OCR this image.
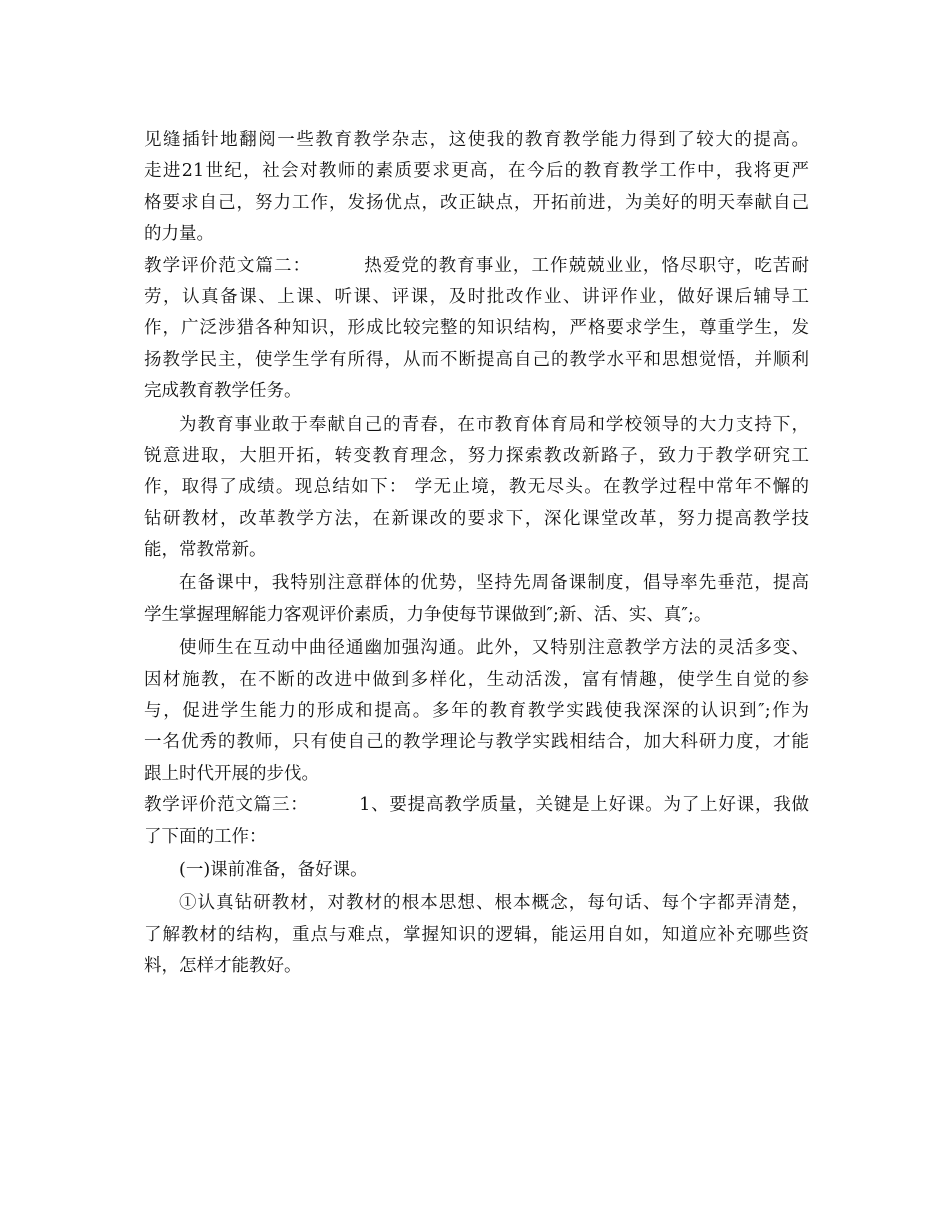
见缝插针地翻阅一些教育教学杂志，这使我的教育教学能力得到了较大的提高。
走进21世纪，社会对教师的素质要求更高，在今后的教育教学工作中，我将更严
格要求自己，努力工作，发扬优点，改正缺点，开拓前进，为美好的明天奉献自己
的力量。
教学评价范文篇二：        热爱党的教育事业，工作兢兢业业，恪尽职守，吃苦耐
劳，认真备课、上课、听课、评课，及时批改作业、讲评作业，做好课后辅导工
作，广泛涉猎各种知识，形成比较完整的知识结构，严格要求学生，尊重学生，发
扬教学民主，使学生学有所得，从而不断提高自己的教学水平和思想觉悟，并顺利
完成教育教学任务。
为教育事业敢于奉献自己的青春，在市教育体育局和学校领导的大力支持下，
锐意进取，大胆开拓，转变教育理念，努力探索教改新路子，致力于教学研究工
作，取得了成绩。现总结如下： 学无止境，教无尽头。在教学过程中常年不懈的
钻研教材，改革教学方法，在新课改的要求下，深化课堂改革，努力提高教学技
能，常教常新。
在备课中，我特别注意群体的优势，坚持先周备课制度，倡导率先垂范，提高
学生掌握理解能力客观评价素质，力争使每节课做到″;新、活、实、真″;。
使师生在互动中曲径通幽加强沟通。此外，又特别注意教学方法的灵活多变、
因材施教，在不断的改进中做到多样化，生动活泼，富有情趣，使学生自觉的参
与，促进学生能力的形成和提高。多年的教育教学实践使我深深的认识到″;作为
一名优秀的教师，只有使自己的教学理论与教学实践相结合，加大科研力度，才能
跟上时代开展的步伐。
教学评价范文篇三：        1、要提高教学质量，关键是上好课。为了上好课，我做
了下面的工作：
(一)课前准备，备好课。
①认真钻研教材，对教材的根本思想、根本概念，每句话、每个字都弄清楚，
了解教材的结构，重点与难点，掌握知识的逻辑，能运用自如，知道应补充哪些资
料，怎样才能教好。
